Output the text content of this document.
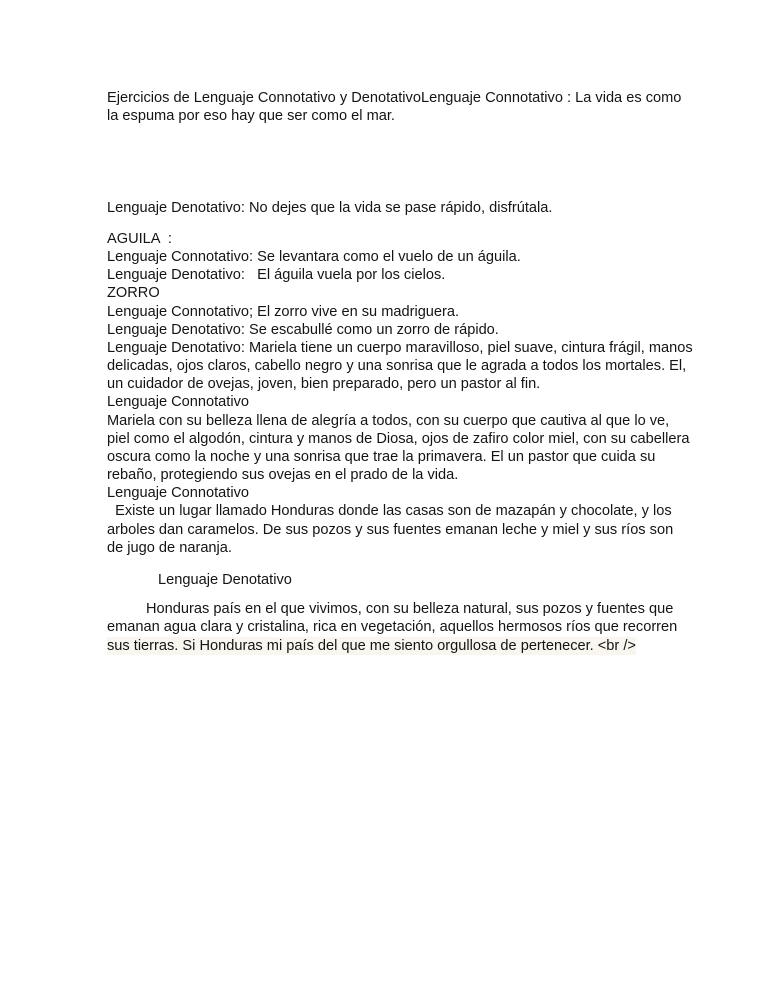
Ejercicios de Lenguaje Connotativo y DenotativoLenguaje Connotativo : La vida es como

la espuma por eso hay que ser como el mar.

Lenguaje Denotativo: No dejes que la vida se pase rápido, disfrútala.

AGUILA  :

Lenguaje Connotativo: Se levantara como el vuelo de un águila.

Lenguaje Denotativo:   El águila vuela por los cielos.

ZORRO

Lenguaje Connotativo; El zorro vive en su madriguera.

Lenguaje Denotativo: Se escabullé como un zorro de rápido.

Lenguaje Denotativo: Mariela tiene un cuerpo maravilloso, piel suave, cintura frágil, manos

delicadas, ojos claros, cabello negro y una sonrisa que le agrada a todos los mortales. El,

un cuidador de ovejas, joven, bien preparado, pero un pastor al fin.

Lenguaje Connotativo

Mariela con su belleza llena de alegría a todos, con su cuerpo que cautiva al que lo ve,

piel como el algodón, cintura y manos de Diosa, ojos de zafiro color miel, con su cabellera

oscura como la noche y una sonrisa que trae la primavera. El un pastor que cuida su

rebaño, protegiendo sus ovejas en el prado de la vida.

Lenguaje Connotativo

Existe un lugar llamado Honduras donde las casas son de mazapán y chocolate, y los

arboles dan caramelos. De sus pozos y sus fuentes emanan leche y miel y sus ríos son

de jugo de naranja.

Lenguaje Denotativo

Honduras país en el que vivimos, con su belleza natural, sus pozos y fuentes que

emanan agua clara y cristalina, rica en vegetación, aquellos hermosos ríos que recorren

sus tierras. Si Honduras mi país del que me siento orgullosa de pertenecer. <br />
